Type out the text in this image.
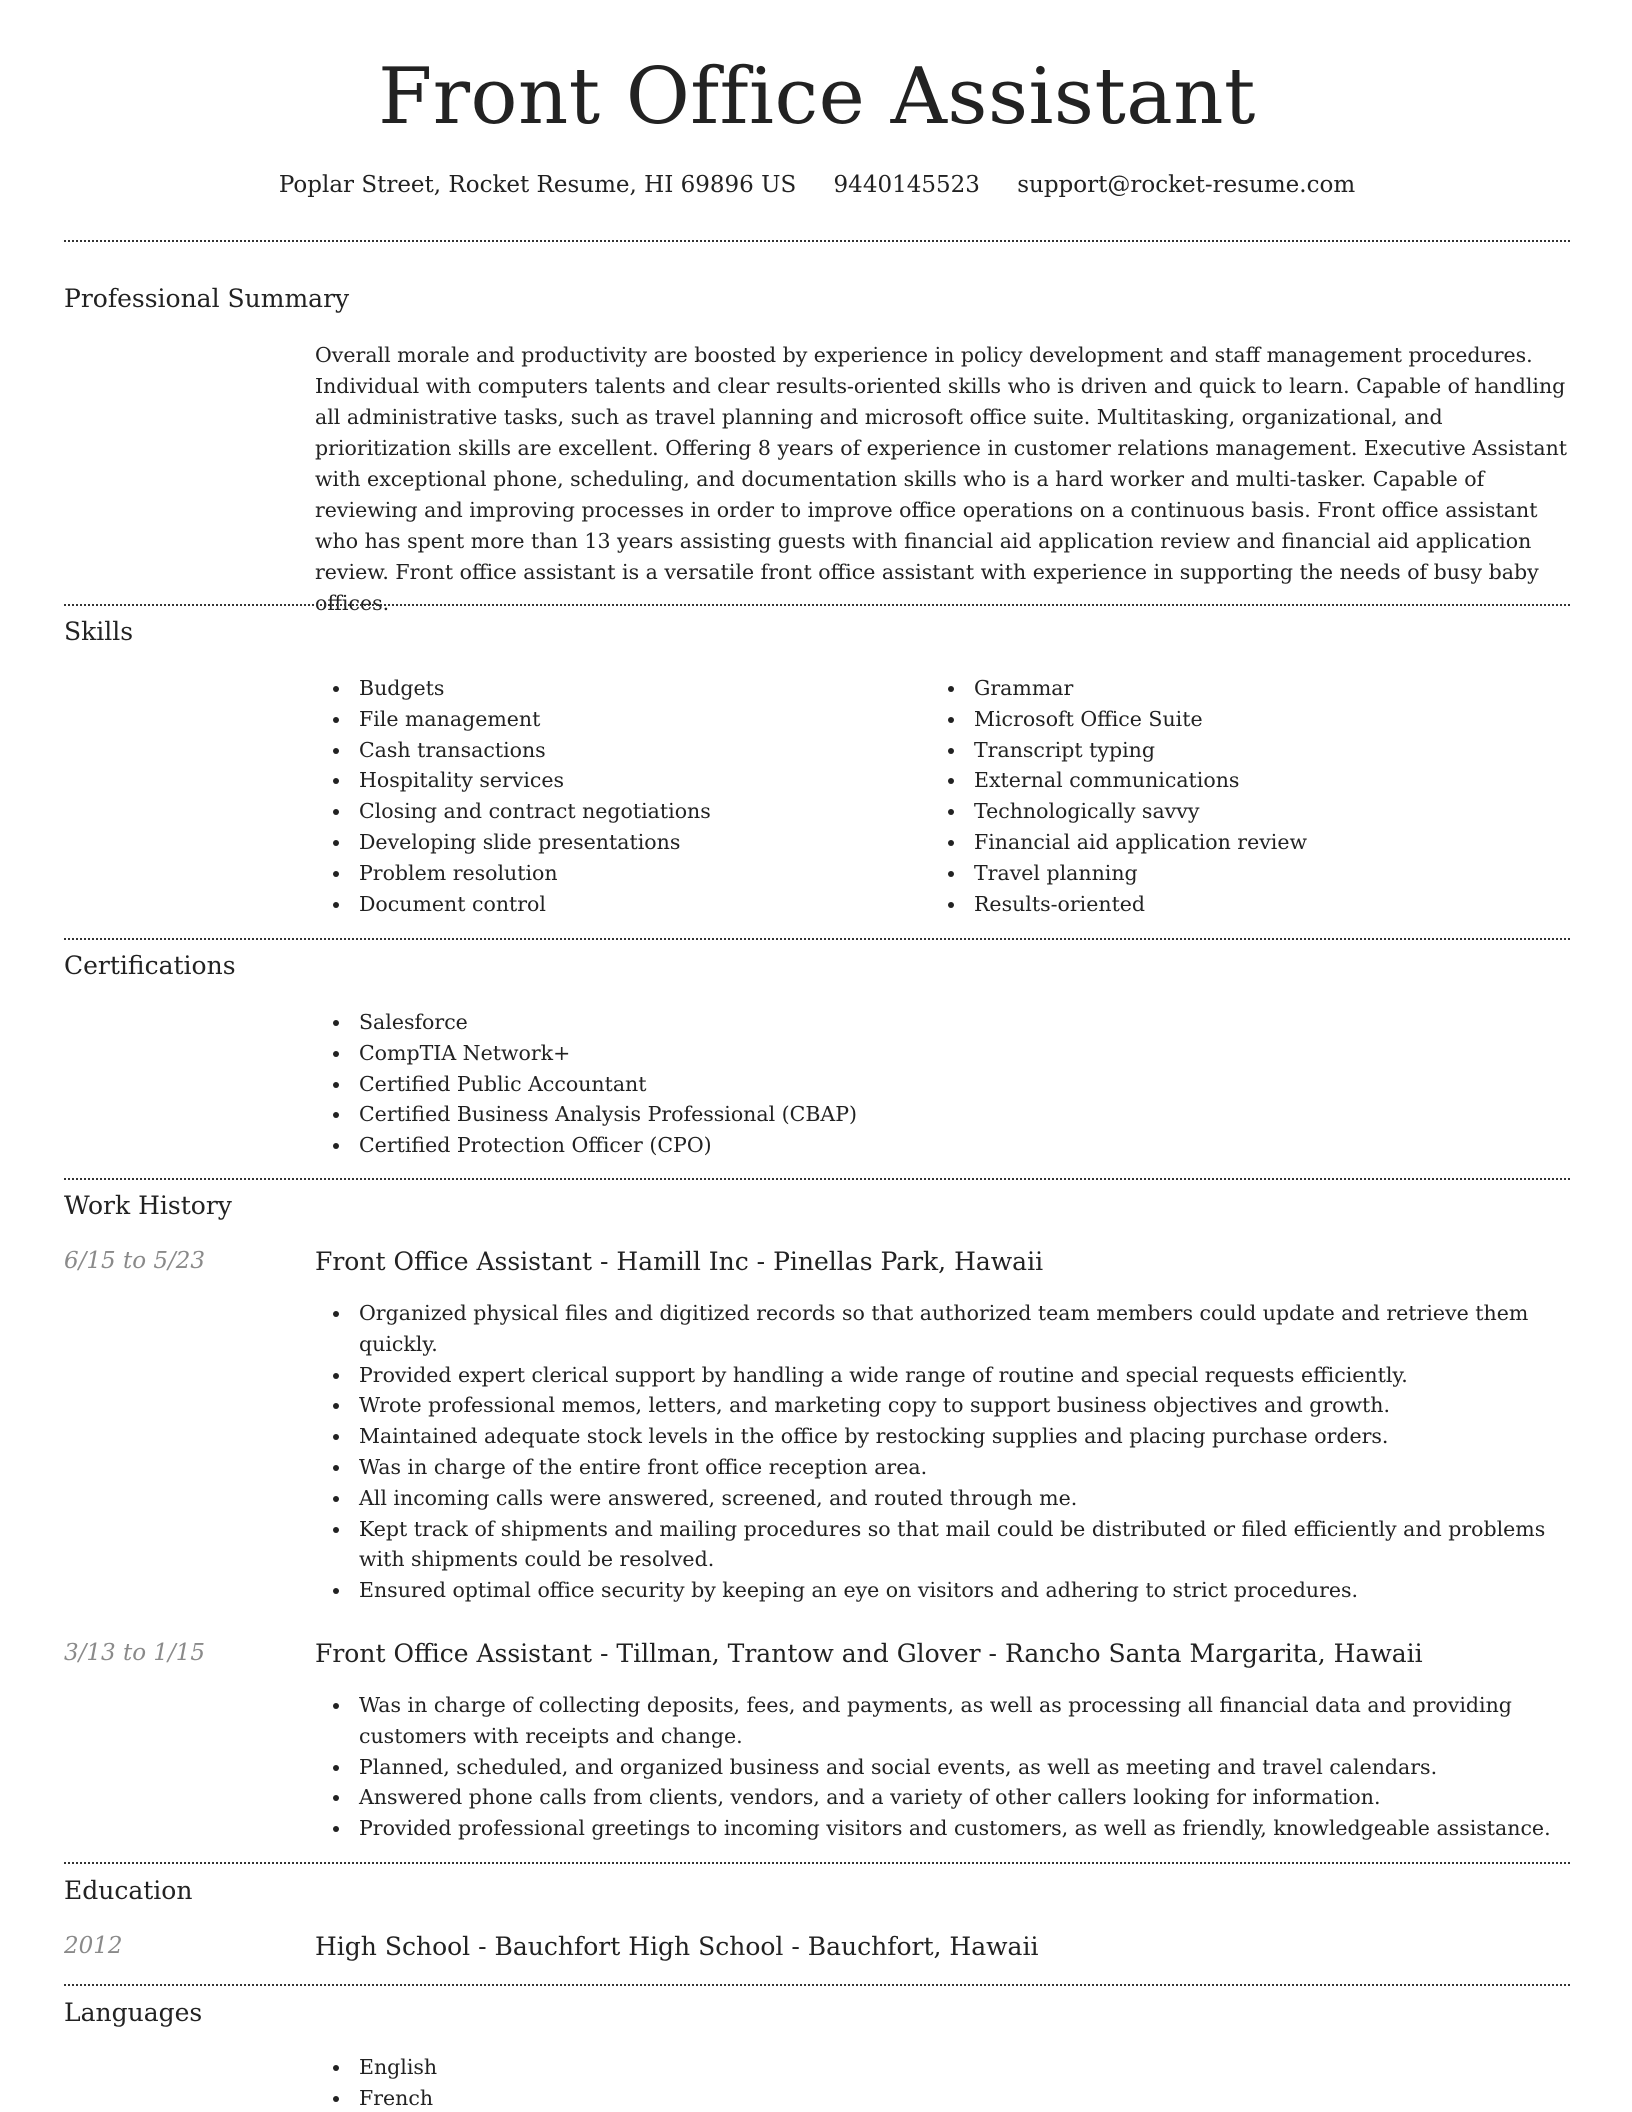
Front Office Assistant
Poplar Street, Rocket Resume, HI 69896 US 9440145523 support@rocket-resume.com
Professional Summary
Overall morale and productivity are boosted by experience in policy development and staff management procedures. Individual with computers talents and clear results-oriented skills who is driven and quick to learn. Capable of handling all administrative tasks, such as travel planning and microsoft office suite. Multitasking, organizational, and prioritization skills are excellent. Offering 8 years of experience in customer relations management. Executive Assistant with exceptional phone, scheduling, and documentation skills who is a hard worker and multi-tasker. Capable of reviewing and improving processes in order to improve office operations on a continuous basis. Front office assistant who has spent more than 13 years assisting guests with financial aid application review and financial aid application review. Front office assistant is a versatile front office assistant with experience in supporting the needs of busy baby offices.
Skills
Budgets
File management
Cash transactions
Hospitality services
Closing and contract negotiations
Developing slide presentations
Problem resolution
Document control
Grammar
Microsoft Office Suite
Transcript typing
External communications
Technologically savvy
Financial aid application review
Travel planning
Results-oriented
Certifications
Salesforce
CompTIA Network+
Certified Public Accountant
Certified Business Analysis Professional (CBAP)
Certified Protection Officer (CPO)
Work History
6/15 to 5/23	Front Office Assistant - Hamill Inc - Pinellas Park, Hawaii
Organized physical files and digitized records so that authorized team members could update and retrieve them quickly.
Provided expert clerical support by handling a wide range of routine and special requests efficiently.
Wrote professional memos, letters, and marketing copy to support business objectives and growth.
Maintained adequate stock levels in the office by restocking supplies and placing purchase orders.
Was in charge of the entire front office reception area.
All incoming calls were answered, screened, and routed through me.
Kept track of shipments and mailing procedures so that mail could be distributed or filed efficiently and problems with shipments could be resolved.
Ensured optimal office security by keeping an eye on visitors and adhering to strict procedures.
3/13 to 1/15	Front Office Assistant - Tillman, Trantow and Glover - Rancho Santa Margarita, Hawaii
Was in charge of collecting deposits, fees, and payments, as well as processing all financial data and providing customers with receipts and change.
Planned, scheduled, and organized business and social events, as well as meeting and travel calendars.
Answered phone calls from clients, vendors, and a variety of other callers looking for information.
Provided professional greetings to incoming visitors and customers, as well as friendly, knowledgeable assistance.
Education
2012	High School - Bauchfort High School - Bauchfort, Hawaii
Languages
English
French
